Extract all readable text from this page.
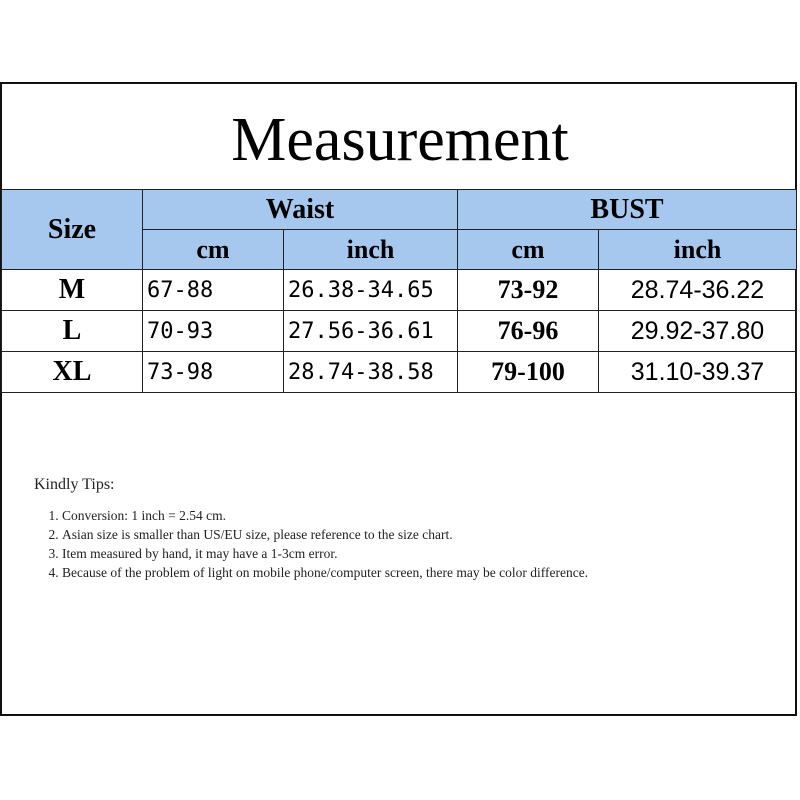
Measurement
Size	Waist		BUST	
	cm	inch	cm	inch
M	67-88	26.38-34.65	73-92	28.74-36.22
L	70-93	27.56-36.61	76-96	29.92-37.80
XL	73-98	28.74-38.58	79-100	31.10-39.37

Kindly Tips:

1. Conversion: 1 inch = 2.54 cm.
2. Asian size is smaller than US/EU size, please reference to the size chart.
3. Item measured by hand, it may have a 1-3cm error.
4. Because of the problem of light on mobile phone/computer screen, there may be color difference.
